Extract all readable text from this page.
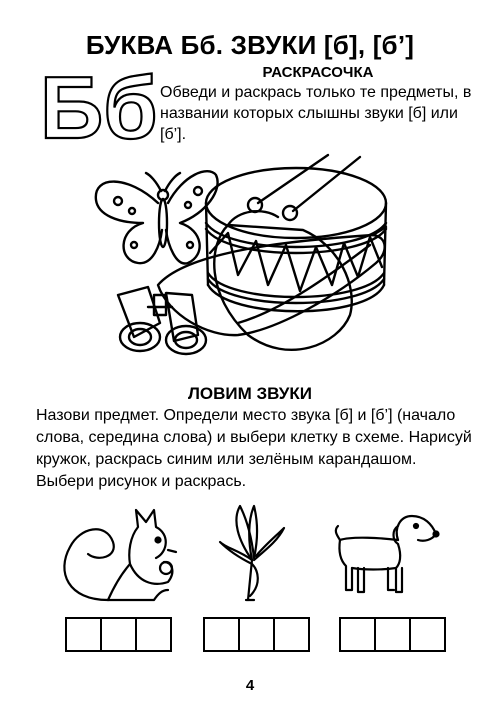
БУКВА Бб. ЗВУКИ [б], [б’]
Бб	РАСКРАСОЧКА
Обведи и раскрась только те предметы, в названии которых слышны звуки [б] или [б’].
ЛОВИМ ЗВУКИ
Назови предмет. Определи место звука [б] и [б’] (начало слова, середина слова) и выбери клетку в схеме. Нарисуй кружок, раскрась синим или зелёным карандашом. Выбери рисунок и раскрась.
4
